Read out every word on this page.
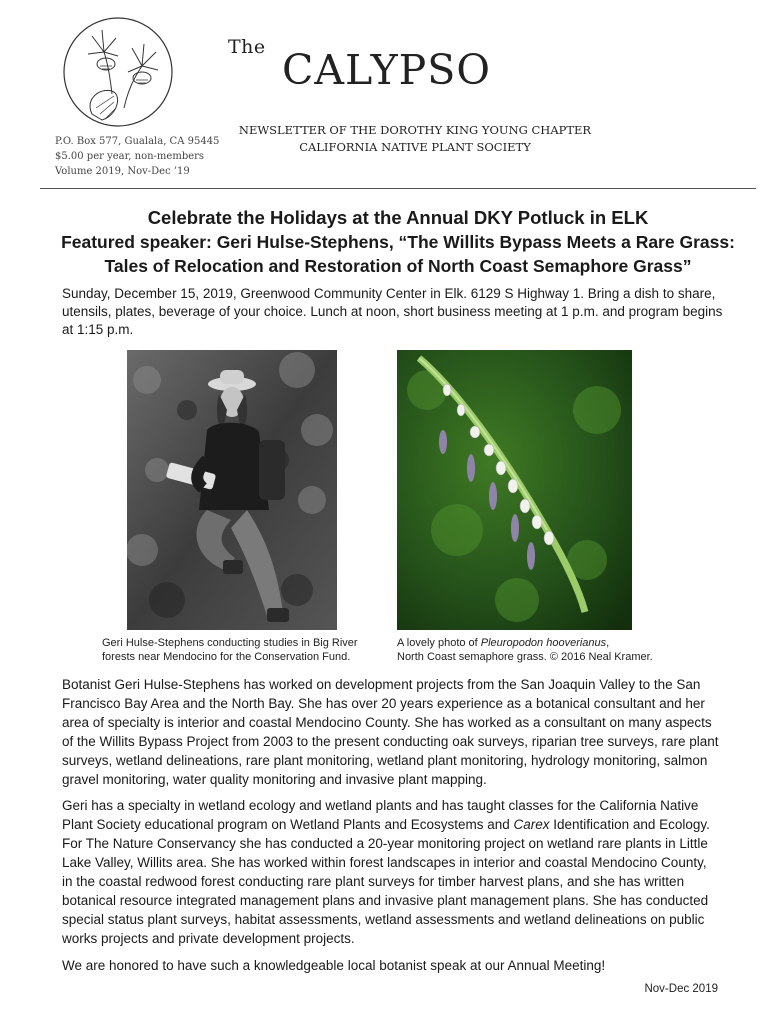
The CALYPSO
P.O. Box 577, Gualala, CA 95445
$5.00 per year, non-members
Volume 2019, Nov-Dec ’19
NEWSLETTER OF THE DOROTHY KING YOUNG CHAPTER
CALIFORNIA NATIVE PLANT SOCIETY
Celebrate the Holidays at the Annual DKY Potluck in ELK
Featured speaker: Geri Hulse-Stephens, “The Willits Bypass Meets a Rare Grass:
Tales of Relocation and Restoration of North Coast Semaphore Grass”
Sunday, December 15, 2019, Greenwood Community Center in Elk. 6129 S Highway 1. Bring a dish to share, utensils, plates, beverage of your choice. Lunch at noon, short business meeting at 1 p.m. and program begins at 1:15 p.m.
Geri Hulse-Stephens conducting studies in Big River
forests near Mendocino for the Conservation Fund.
A lovely photo of Pleuropodon hooverianus,
North Coast semaphore grass. © 2016 Neal Kramer.
Botanist Geri Hulse-Stephens has worked on development projects from the San Joaquin Valley to the San Francisco Bay Area and the North Bay. She has over 20 years experience as a botanical consultant and her area of specialty is interior and coastal Mendocino County. She has worked as a consultant on many aspects of the Willits Bypass Project from 2003 to the present conducting oak surveys, riparian tree surveys, rare plant surveys, wetland delineations, rare plant monitoring, wetland plant monitoring, hydrology monitoring, salmon gravel monitoring, water quality monitoring and invasive plant mapping.
Geri has a specialty in wetland ecology and wetland plants and has taught classes for the California Native Plant Society educational program on Wetland Plants and Ecosystems and Carex Identification and Ecology. For The Nature Conservancy she has conducted a 20-year monitoring project on wetland rare plants in Little Lake Valley, Willits area. She has worked within forest landscapes in interior and coastal Mendocino County, in the coastal redwood forest conducting rare plant surveys for timber harvest plans, and she has written botanical resource integrated management plans and invasive plant management plans. She has conducted special status plant surveys, habitat assessments, wetland assessments and wetland delineations on public works projects and private development projects.
We are honored to have such a knowledgeable local botanist speak at our Annual Meeting!
Nov-Dec 2019
